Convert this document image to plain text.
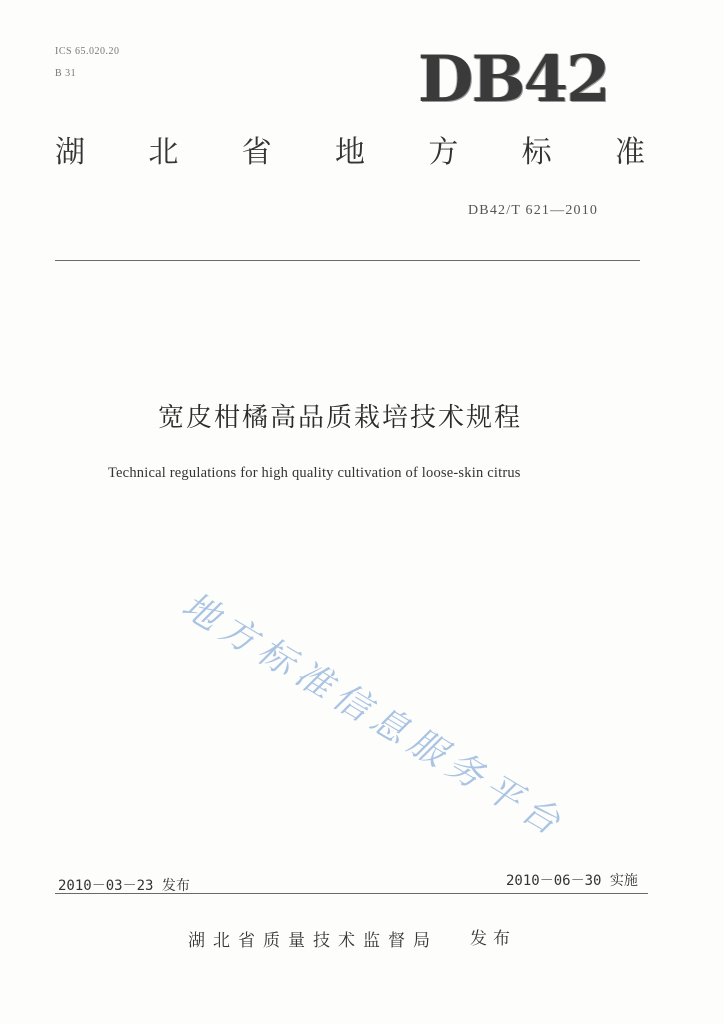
ICS 65.020.20
B 31	DB42
湖 北 省 地 方 标 准
DB42/T 621—2010
宽皮柑橘高品质栽培技术规程
Technical regulations for high quality cultivation of loose-skin citrus
地方标准信息服务平台
2010－03－23 发布	2010－06－30 实施
湖北省质量技术监督局 发布
